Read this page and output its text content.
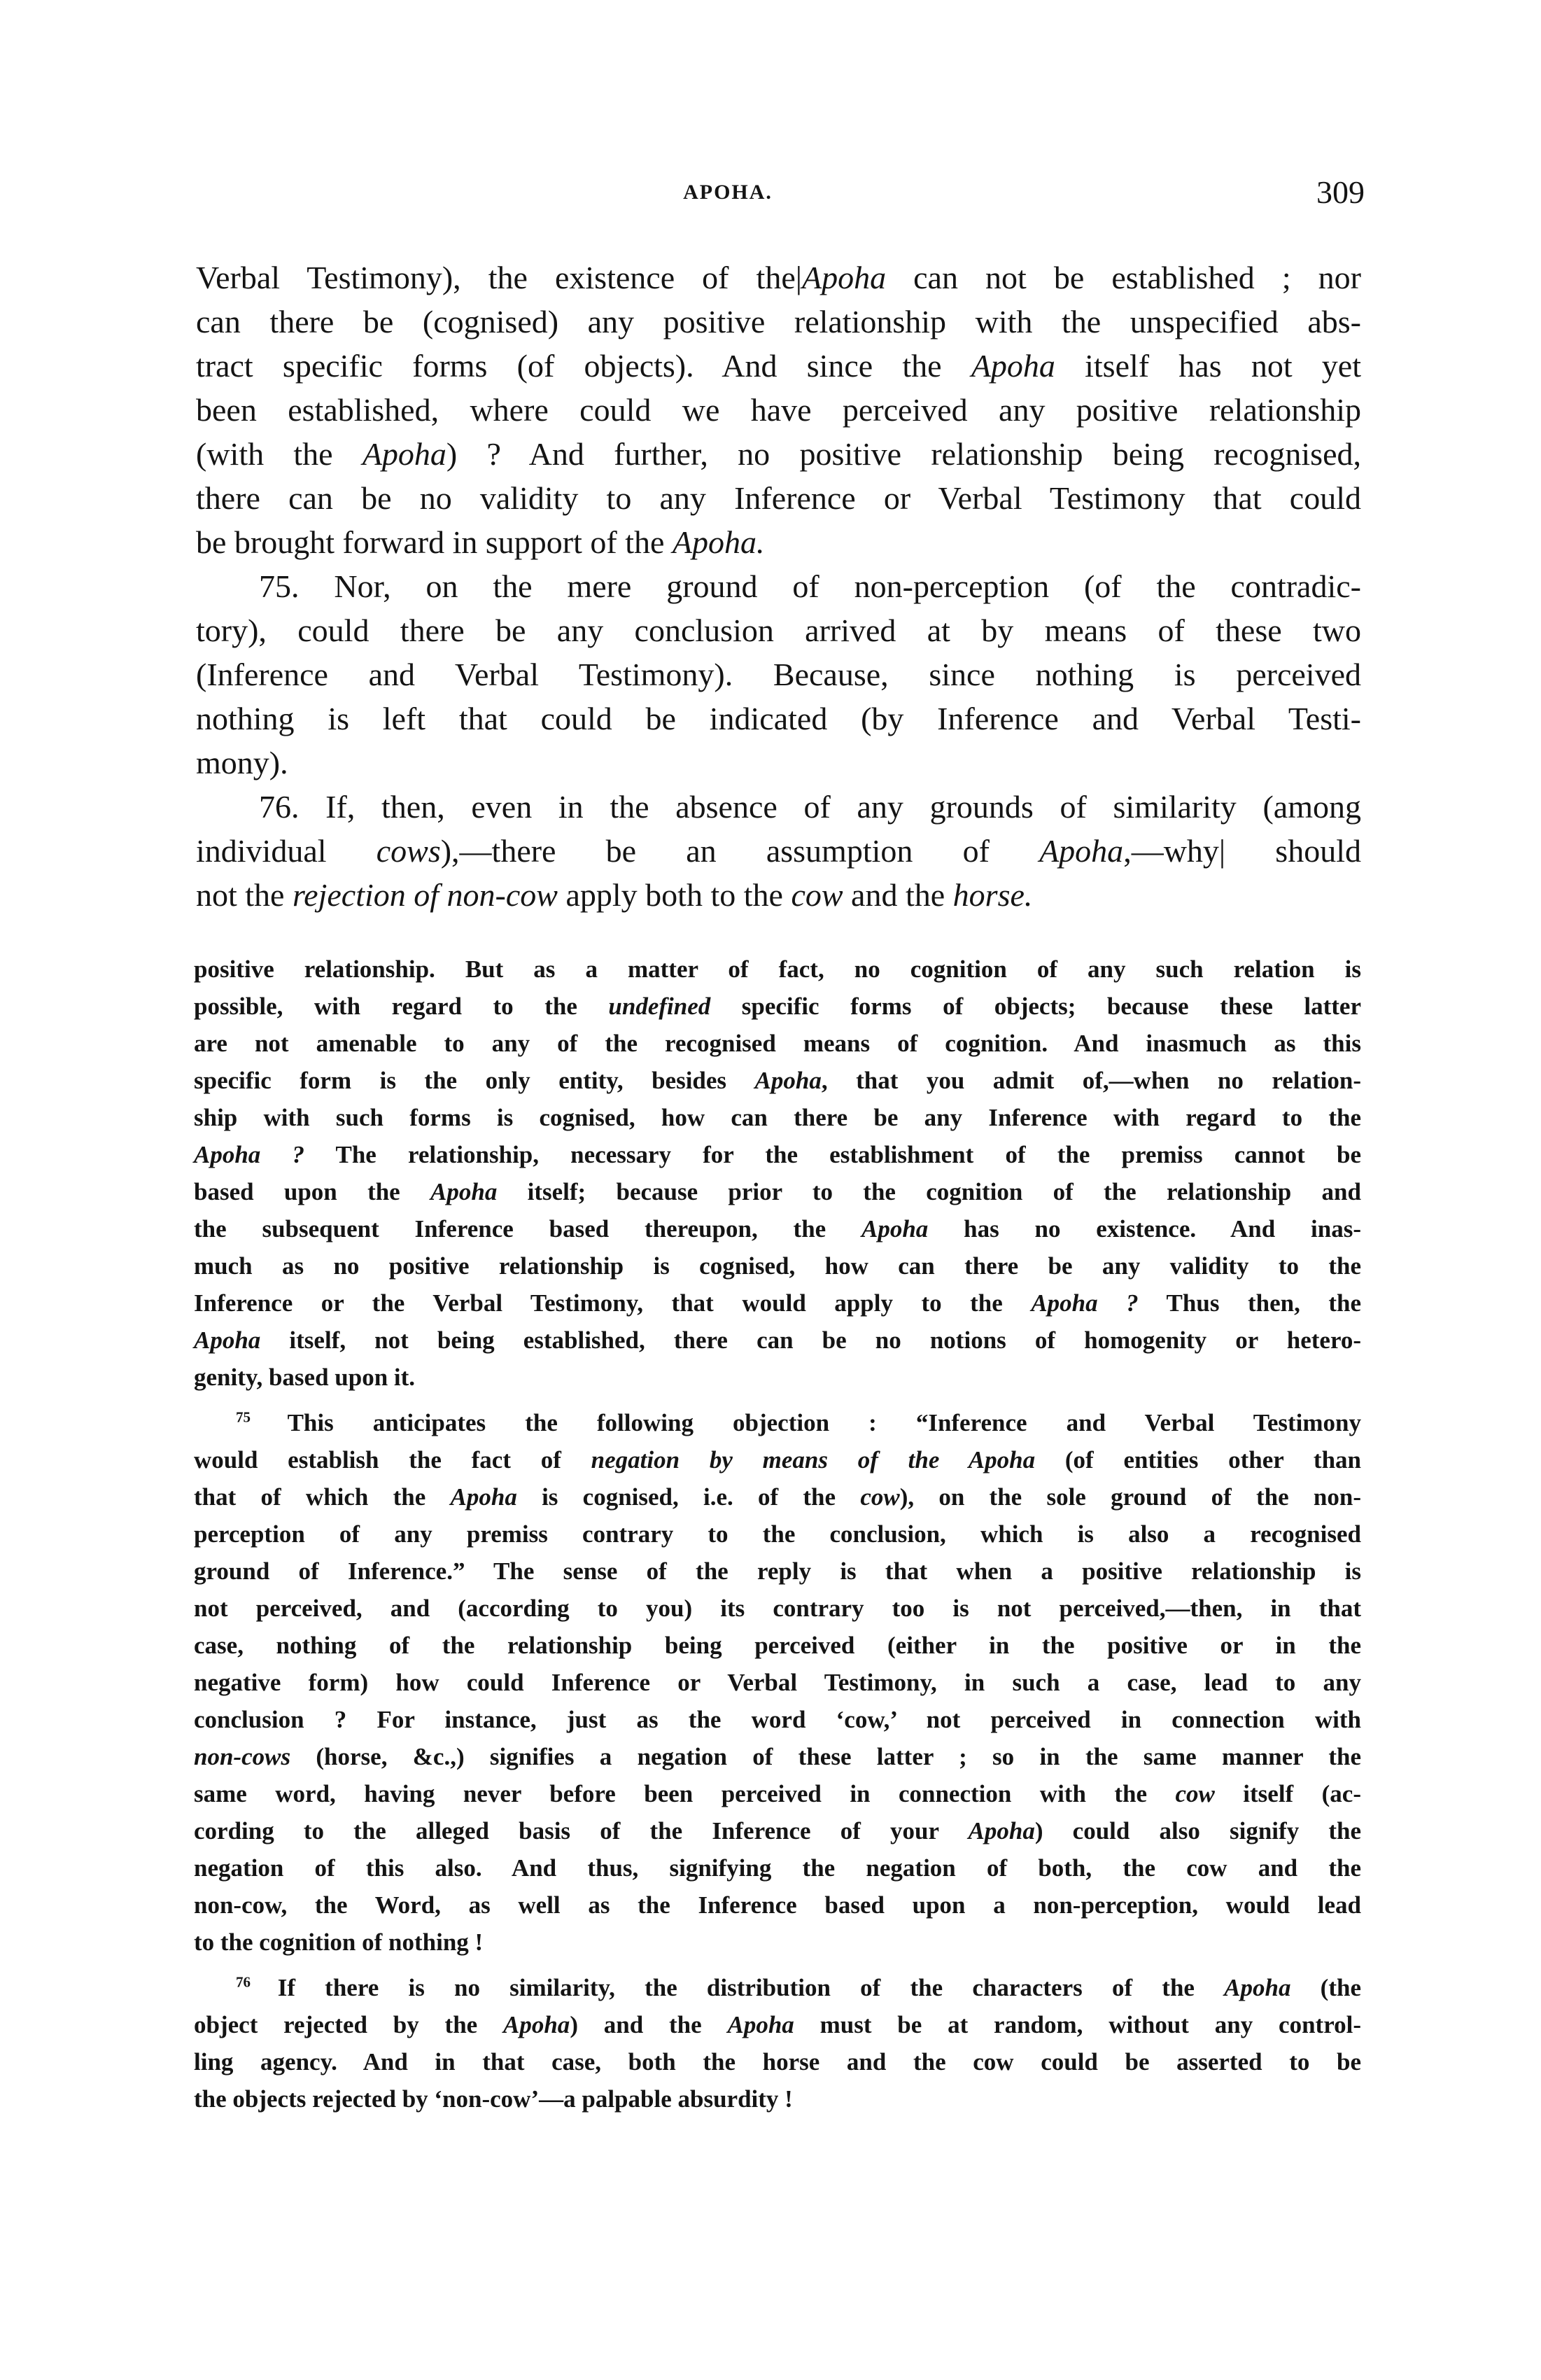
APOHA.	309
Verbal Testimony), the existence of the|Apoha can not be established ; nor
can there be (cognised) any positive relationship with the unspecified abs-
tract specific forms (of objects). And since the Apoha itself has not yet
been established, where could we have perceived any positive relationship
(with the Apoha) ? And further, no positive relationship being recognised,
there can be no validity to any Inference or Verbal Testimony that could
be brought forward in support of the Apoha.
75. Nor, on the mere ground of non-perception (of the contradic-
tory), could there be any conclusion arrived at by means of these two
(Inference and Verbal Testimony). Because, since nothing is perceived
nothing is left that could be indicated (by Inference and Verbal Testi-
mony).
76. If, then, even in the absence of any grounds of similarity (among
individual cows),—there be an assumption of Apoha,—why| should
not the rejection of non-cow apply both to the cow and the horse.
positive relationship. But as a matter of fact, no cognition of any such relation is
possible, with regard to the undefined specific forms of objects; because these latter
are not amenable to any of the recognised means of cognition. And inasmuch as this
specific form is the only entity, besides Apoha, that you admit of,—when no relation-
ship with such forms is cognised, how can there be any Inference with regard to the
Apoha ? The relationship, necessary for the establishment of the premiss cannot be
based upon the Apoha itself; because prior to the cognition of the relationship and
the subsequent Inference based thereupon, the Apoha has no existence. And inas-
much as no positive relationship is cognised, how can there be any validity to the
Inference or the Verbal Testimony, that would apply to the Apoha ? Thus then, the
Apoha itself, not being established, there can be no notions of homogenity or hetero-
genity, based upon it.
$^{75}$ This anticipates the following objection : “Inference and Verbal Testimony
would establish the fact of negation by means of the Apoha (of entities other than
that of which the Apoha is cognised, i.e. of the cow), on the sole ground of the non-
perception of any premiss contrary to the conclusion, which is also a recognised
ground of Inference.” The sense of the reply is that when a positive relationship is
not perceived, and (according to you) its contrary too is not perceived,—then, in that
case, nothing of the relationship being perceived (either in the positive or in the
negative form) how could Inference or Verbal Testimony, in such a case, lead to any
conclusion ? For instance, just as the word ‘cow,’ not perceived in connection with
non-cows (horse, &c.,) signifies a negation of these latter ; so in the same manner the
same word, having never before been perceived in connection with the cow itself (ac-
cording to the alleged basis of the Inference of your Apoha) could also signify the
negation of this also. And thus, signifying the negation of both, the cow and the
non-cow, the Word, as well as the Inference based upon a non-perception, would lead
to the cognition of nothing !
$^{76}$ If there is no similarity, the distribution of the characters of the Apoha (the
object rejected by the Apoha) and the Apoha must be at random, without any control-
ling agency. And in that case, both the horse and the cow could be asserted to be
the objects rejected by ‘non-cow’—a palpable absurdity !
